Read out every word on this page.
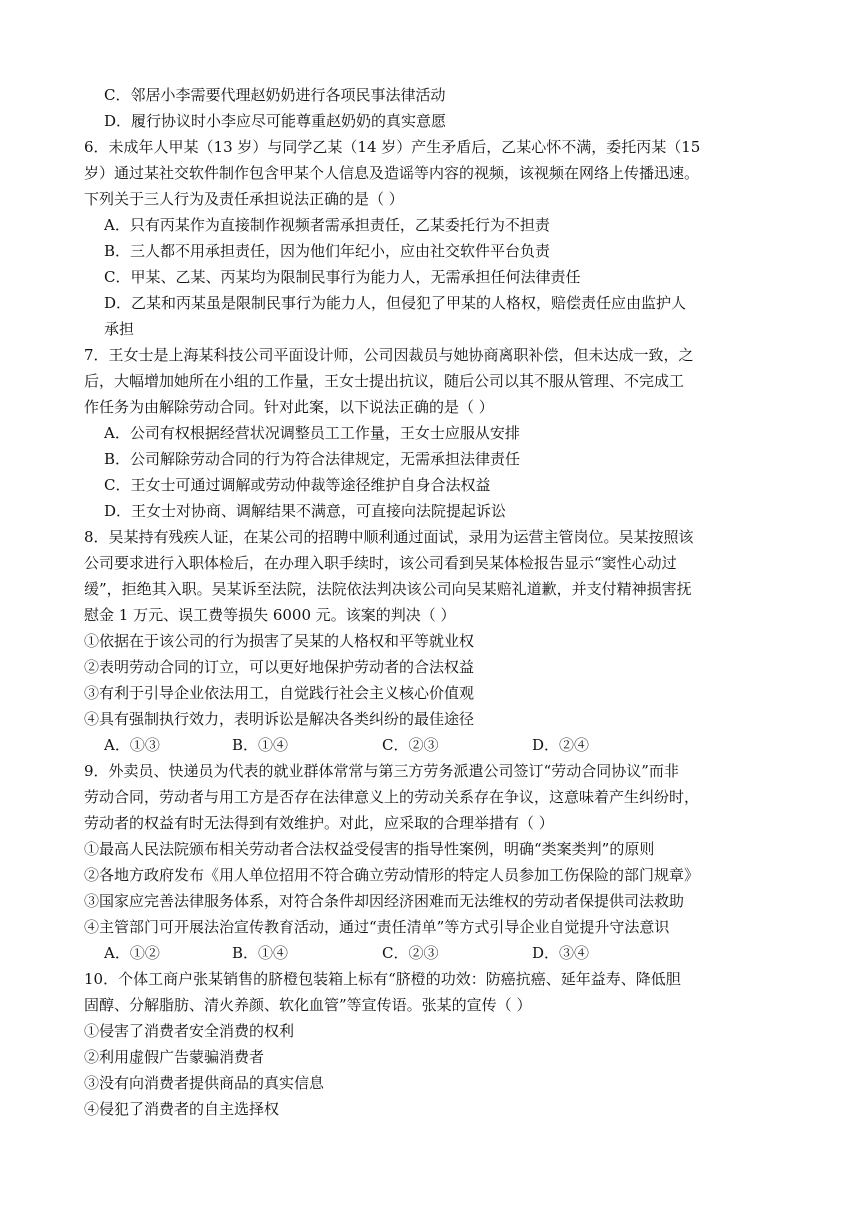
C．邻居小李需要代理赵奶奶进行各项民事法律活动
D．履行协议时小李应尽可能尊重赵奶奶的真实意愿
6．未成年人甲某（13 岁）与同学乙某（14 岁）产生矛盾后，乙某心怀不满，委托丙某（15
岁）通过某社交软件制作包含甲某个人信息及造谣等内容的视频，该视频在网络上传播迅速。
下列关于三人行为及责任承担说法正确的是（ ）
A．只有丙某作为直接制作视频者需承担责任，乙某委托行为不担责
B．三人都不用承担责任，因为他们年纪小，应由社交软件平台负责
C．甲某、乙某、丙某均为限制民事行为能力人，无需承担任何法律责任
D．乙某和丙某虽是限制民事行为能力人，但侵犯了甲某的人格权，赔偿责任应由监护人
承担
7．王女士是上海某科技公司平面设计师，公司因裁员与她协商离职补偿，但未达成一致，之
后，大幅增加她所在小组的工作量，王女士提出抗议，随后公司以其不服从管理、不完成工
作任务为由解除劳动合同。针对此案，以下说法正确的是（ ）
A．公司有权根据经营状况调整员工工作量，王女士应服从安排
B．公司解除劳动合同的行为符合法律规定，无需承担法律责任
C．王女士可通过调解或劳动仲裁等途径维护自身合法权益
D．王女士对协商、调解结果不满意，可直接向法院提起诉讼
8．吴某持有残疾人证，在某公司的招聘中顺利通过面试，录用为运营主管岗位。吴某按照该
公司要求进行入职体检后，在办理入职手续时，该公司看到吴某体检报告显示“窦性心动过
缓”，拒绝其入职。吴某诉至法院，法院依法判决该公司向吴某赔礼道歉，并支付精神损害抚
慰金 1 万元、误工费等损失 6000 元。该案的判决（ ）
①依据在于该公司的行为损害了吴某的人格权和平等就业权
②表明劳动合同的订立，可以更好地保护劳动者的合法权益
③有利于引导企业依法用工，自觉践行社会主义核心价值观
④具有强制执行效力，表明诉讼是解决各类纠纷的最佳途径
A．①③	B．①④	C．②③	D．②④
9．外卖员、快递员为代表的就业群体常常与第三方劳务派遣公司签订“劳动合同协议”而非
劳动合同，劳动者与用工方是否存在法律意义上的劳动关系存在争议，这意味着产生纠纷时，
劳动者的权益有时无法得到有效维护。对此，应采取的合理举措有（ ）
①最高人民法院颁布相关劳动者合法权益受侵害的指导性案例，明确“类案类判”的原则
②各地方政府发布《用人单位招用不符合确立劳动情形的特定人员参加工伤保险的部门规章》
③国家应完善法律服务体系，对符合条件却因经济困难而无法维权的劳动者保提供司法救助
④主管部门可开展法治宣传教育活动，通过“责任清单”等方式引导企业自觉提升守法意识
A．①②	B．①④	C．②③	D．③④
10．个体工商户张某销售的脐橙包装箱上标有“脐橙的功效：防癌抗癌、延年益寿、降低胆
固醇、分解脂肪、清火养颜、软化血管”等宣传语。张某的宣传（ ）
①侵害了消费者安全消费的权利
②利用虚假广告蒙骗消费者
③没有向消费者提供商品的真实信息
④侵犯了消费者的自主选择权
